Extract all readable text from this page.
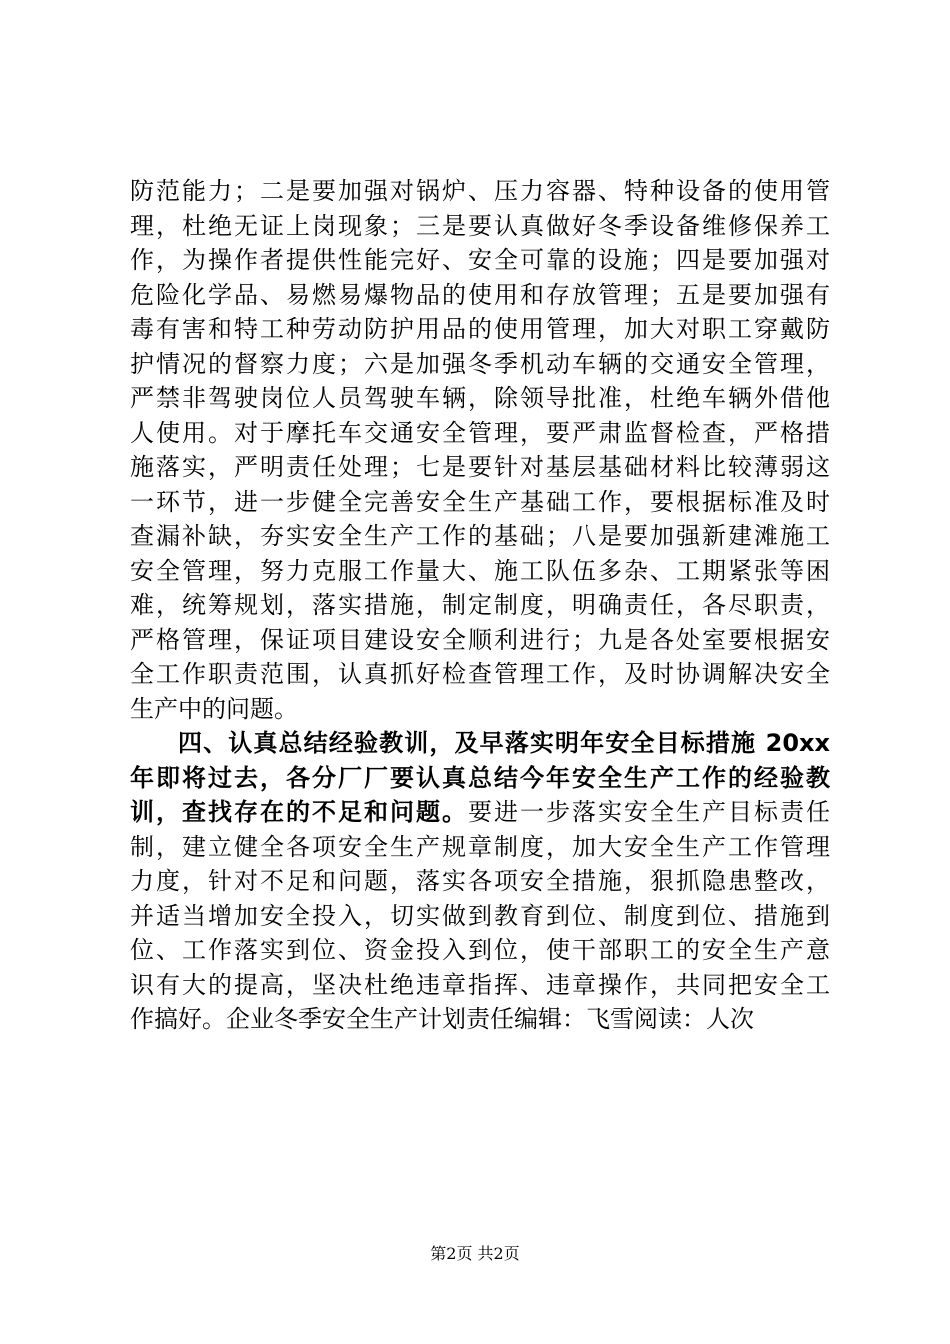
防范能力；二是要加强对锅炉、压力容器、特种设备的使用管
理，杜绝无证上岗现象；三是要认真做好冬季设备维修保养工
作，为操作者提供性能完好、安全可靠的设施；四是要加强对
危险化学品、易燃易爆物品的使用和存放管理；五是要加强有
毒有害和特工种劳动防护用品的使用管理，加大对职工穿戴防
护情况的督察力度；六是加强冬季机动车辆的交通安全管理，
严禁非驾驶岗位人员驾驶车辆，除领导批准，杜绝车辆外借他
人使用。对于摩托车交通安全管理，要严肃监督检查，严格措
施落实，严明责任处理；七是要针对基层基础材料比较薄弱这
一环节，进一步健全完善安全生产基础工作，要根据标准及时
查漏补缺，夯实安全生产工作的基础；八是要加强新建滩施工
安全管理，努力克服工作量大、施工队伍多杂、工期紧张等困
难，统筹规划，落实措施，制定制度，明确责任，各尽职责，
严格管理，保证项目建设安全顺利进行；九是各处室要根据安
全工作职责范围，认真抓好检查管理工作，及时协调解决安全
生产中的问题。
四、认真总结经验教训，及早落实明年安全目标措施 20xx
年即将过去，各分厂厂要认真总结今年安全生产工作的经验教
训，查找存在的不足和问题。要进一步落实安全生产目标责任
制，建立健全各项安全生产规章制度，加大安全生产工作管理
力度，针对不足和问题，落实各项安全措施，狠抓隐患整改，
并适当增加安全投入，切实做到教育到位、制度到位、措施到
位、工作落实到位、资金投入到位，使干部职工的安全生产意
识有大的提高，坚决杜绝违章指挥、违章操作，共同把安全工
作搞好。企业冬季安全生产计划责任编辑：飞雪阅读：人次
第2页 共2页
